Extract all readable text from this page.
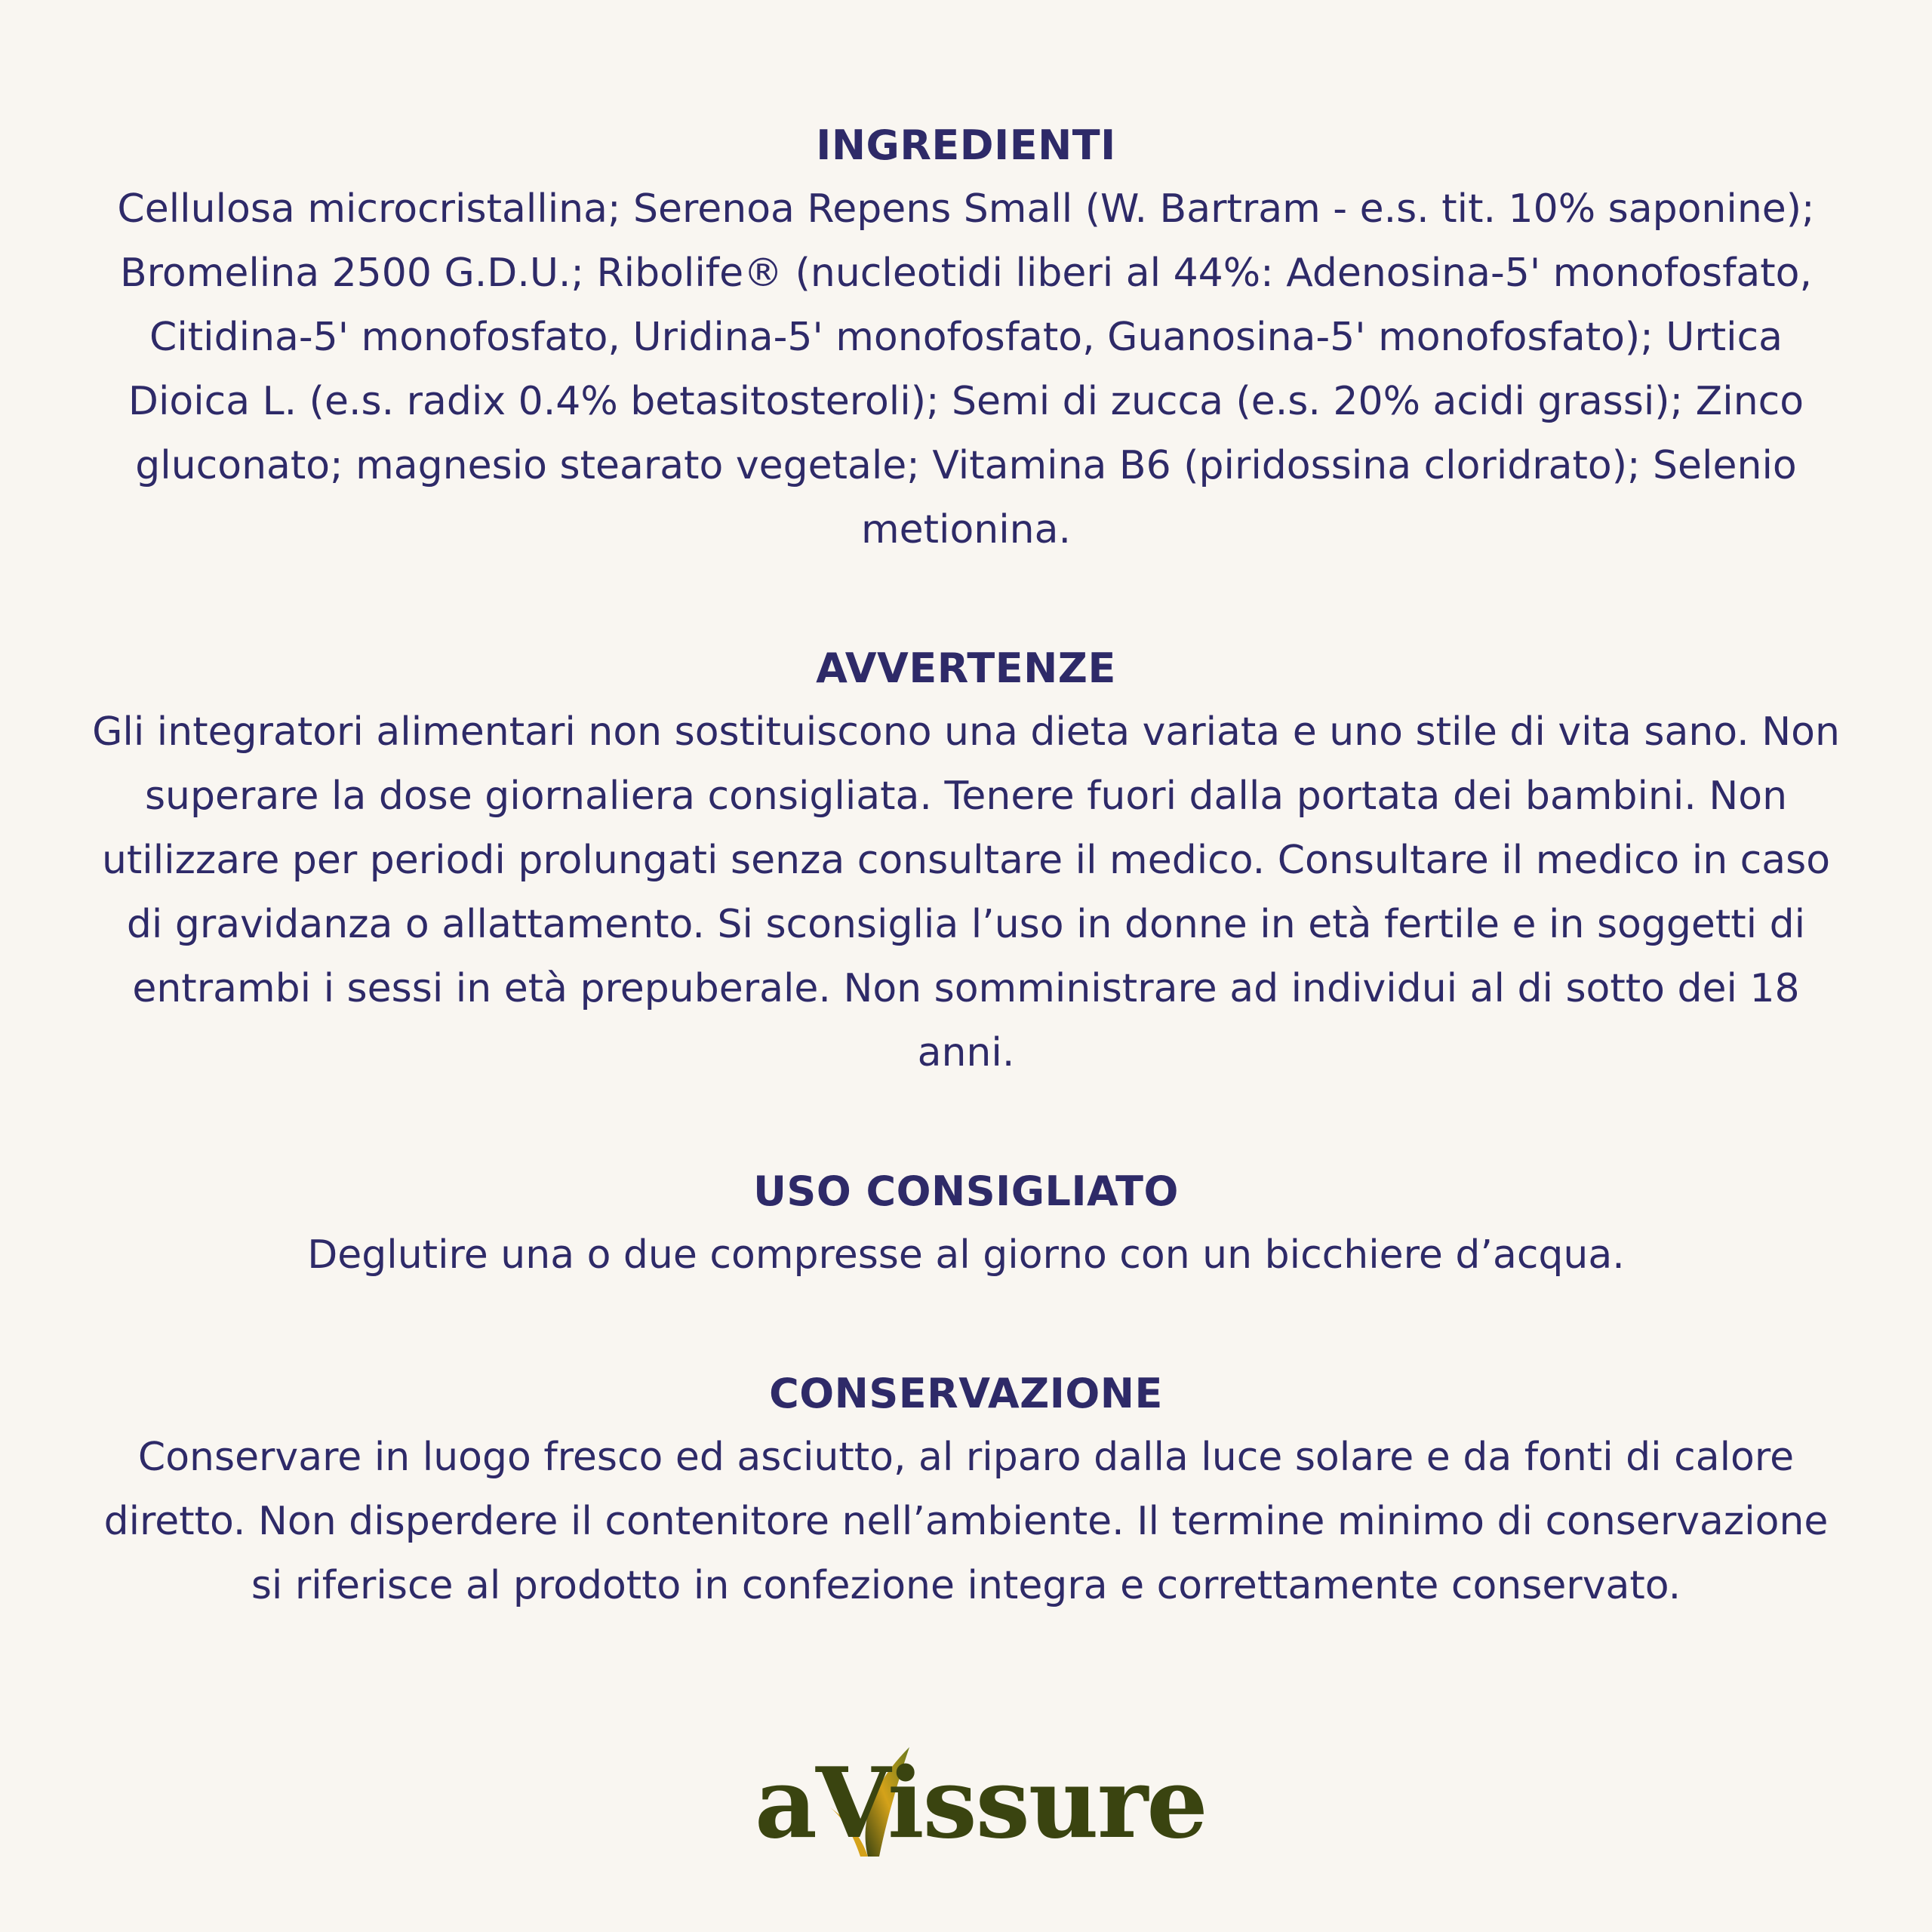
INGREDIENTI

Cellulosa microcristallina; Serenoa Repens Small (W. Bartram - e.s. tit. 10% saponine); Bromelina 2500 G.D.U.; Ribolife® (nucleotidi liberi al 44%: Adenosina-5' monofosfato, Citidina-5' monofosfato, Uridina-5' monofosfato, Guanosina-5' monofosfato); Urtica Dioica L. (e.s. radix 0.4% betasitosteroli); Semi di zucca (e.s. 20% acidi grassi); Zinco gluconato; magnesio stearato vegetale; Vitamina B6 (piridossina cloridrato); Selenio metionina.

AVVERTENZE

Gli integratori alimentari non sostituiscono una dieta variata e uno stile di vita sano. Non superare la dose giornaliera consigliata. Tenere fuori dalla portata dei bambini. Non utilizzare per periodi prolungati senza consultare il medico. Consultare il medico in caso di gravidanza o allattamento. Si sconsiglia l’uso in donne in età fertile e in soggetti di entrambi i sessi in età prepuberale. Non somministrare ad individui al di sotto dei 18 anni.

USO CONSIGLIATO

Deglutire una o due compresse al giorno con un bicchiere d’acqua.

CONSERVAZIONE

Conservare in luogo fresco ed asciutto, al riparo dalla luce solare e da fonti di calore diretto. Non disperdere il contenitore nell’ambiente. Il termine minimo di conservazione si riferisce al prodotto in confezione integra e correttamente conservato.

aVissure
